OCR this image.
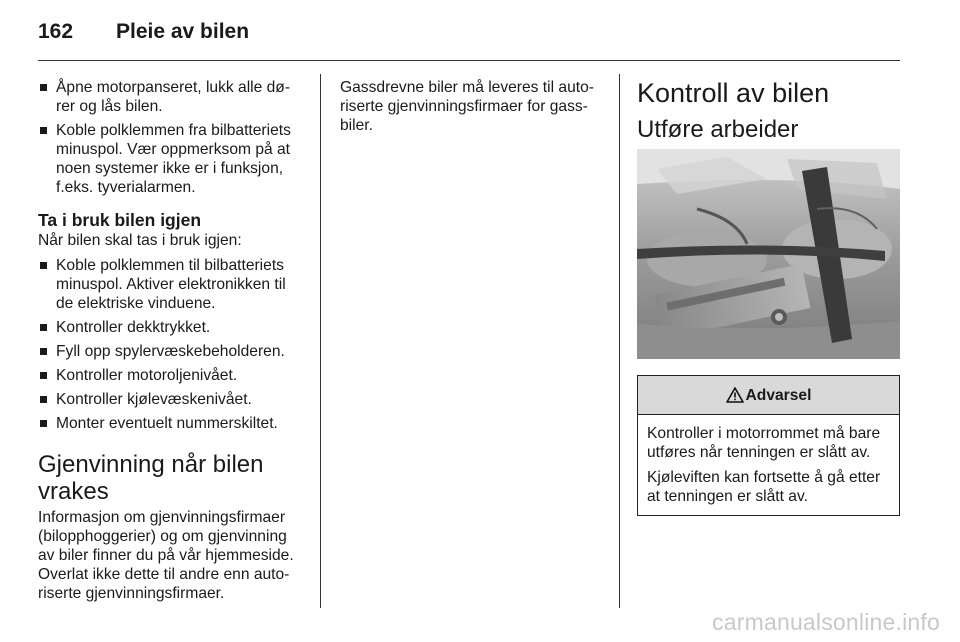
162	Pleie av bilen
Åpne motorpanseret, lukk alle dø-rer og lås bilen.
Koble polklemmen fra bilbatteriets minuspol. Vær oppmerksom på at noen systemer ikke er i funksjon, f.eks. tyverialarmen.
Ta i bruk bilen igjen

Når bilen skal tas i bruk igjen:

Koble polklemmen til bilbatteriets minuspol. Aktiver elektronikken til de elektriske vinduene.
Kontroller dekktrykket.
Fyll opp spylervæskebeholderen.
Kontroller motoroljenivået.
Kontroller kjølevæskenivået.
Monter eventuelt nummerskiltet.
Gjenvinning når bilen vrakes

Informasjon om gjenvinningsfirmaer (bilopphoggerier) og om gjenvinning av biler finner du på vår hjemmeside. Overlat ikke dette til andre enn auto-riserte gjenvinningsfirmaer.

Gassdrevne biler må leveres til auto-riserte gjenvinningsfirmaer for gass-biler.

Kontroll av bilen
Utføre arbeider
Advarsel

Kontroller i motorrommet må bare utføres når tenningen er slått av.

Kjøleviften kan fortsette å gå etter at tenningen er slått av.

carmanualsonline.info
